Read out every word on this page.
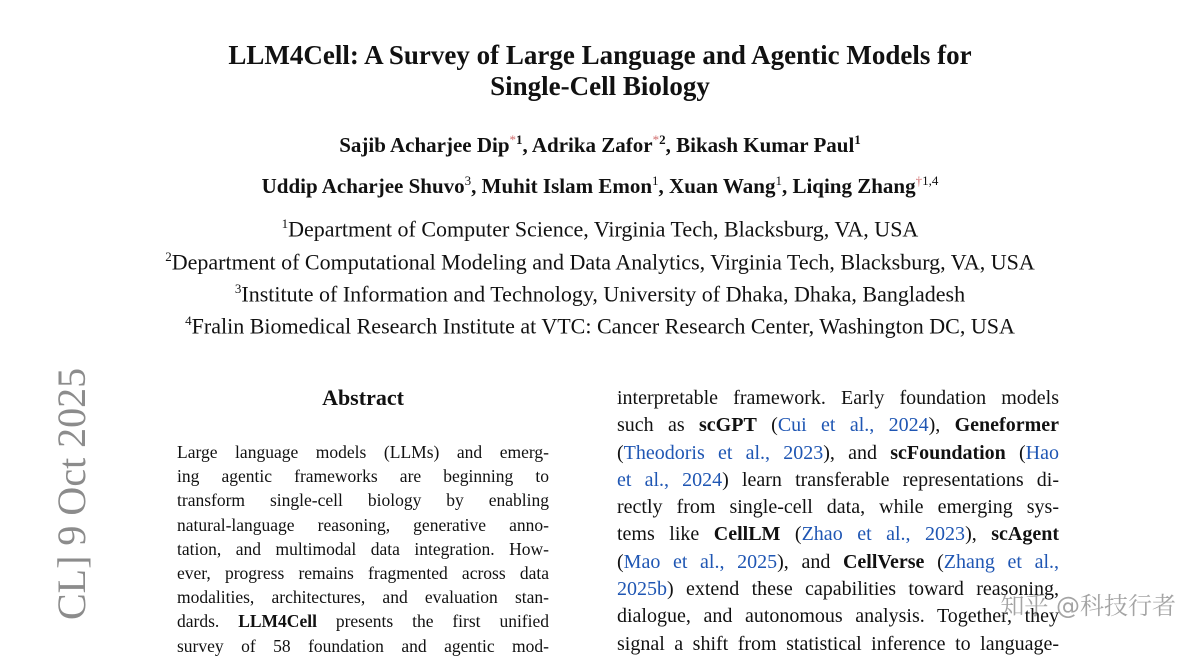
LLM4Cell: A Survey of Large Language and Agentic Models for
Single-Cell Biology
Sajib Acharjee Dip$^{*1}$, Adrika Zafor$^{*2}$, Bikash Kumar Paul$^1$
Uddip Acharjee Shuvo$^3$, Muhit Islam Emon$^1$, Xuan Wang$^1$, Liqing Zhang$^{\dagger 1,4}$
$^1$Department of Computer Science, Virginia Tech, Blacksburg, VA, USA
$^2$Department of Computational Modeling and Data Analytics, Virginia Tech, Blacksburg, VA, USA
$^3$Institute of Information and Technology, University of Dhaka, Dhaka, Bangladesh
$^4$Fralin Biomedical Research Institute at VTC: Cancer Research Center, Washington DC, USA
CL] 9 Oct 2025	Abstract
Large language models (LLMs) and emerg-
ing agentic frameworks are beginning to
transform single-cell biology by enabling
natural-language reasoning, generative anno-
tation, and multimodal data integration. How-
ever, progress remains fragmented across data
modalities, architectures, and evaluation stan-
dards. LLM4Cell presents the first unified
survey of 58 foundation and agentic mod-
interpretable framework. Early foundation models
such as scGPT (Cui et al., 2024), Geneformer
(Theodoris et al., 2023), and scFoundation (Hao
et al., 2024) learn transferable representations di-
rectly from single-cell data, while emerging sys-
tems like CellLM (Zhao et al., 2023), scAgent
(Mao et al., 2025), and CellVerse (Zhang et al.,
2025b) extend these capabilities toward reasoning,
dialogue, and autonomous analysis. Together, they
signal a shift from statistical inference to language-
知乎 @科技行者
